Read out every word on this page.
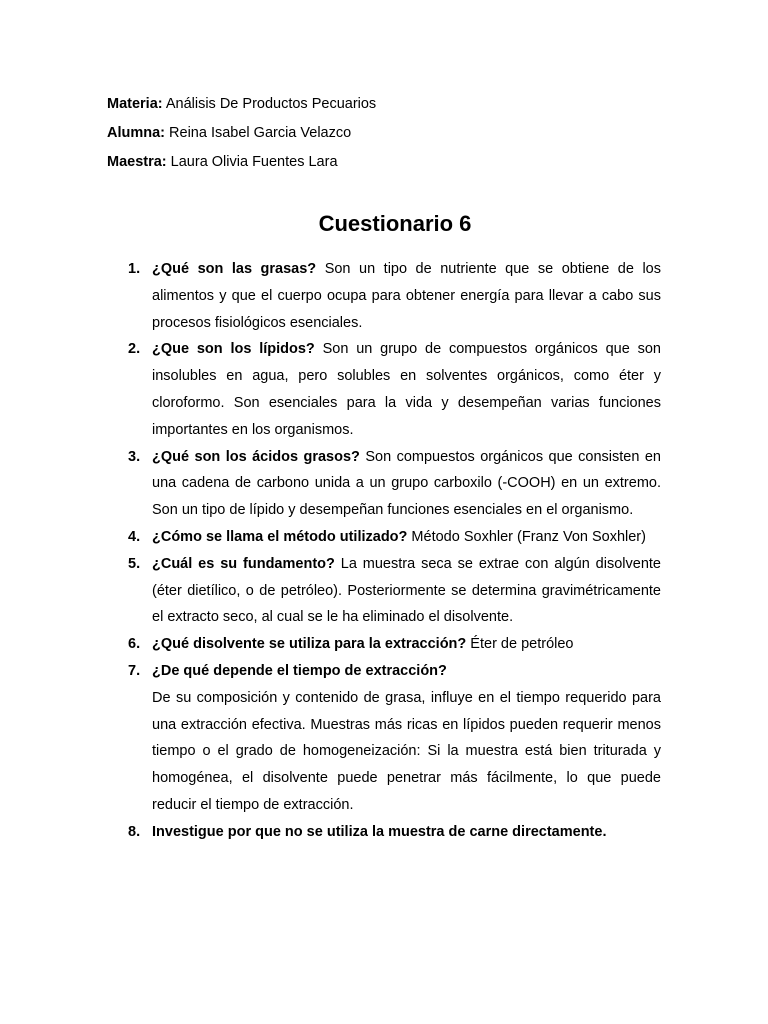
Materia: Análisis De Productos Pecuarios
Alumna: Reina Isabel Garcia Velazco
Maestra: Laura Olivia Fuentes Lara
Cuestionario 6
1. ¿Qué son las grasas? Son un tipo de nutriente que se obtiene de los alimentos y que el cuerpo ocupa para obtener energía para llevar a cabo sus procesos fisiológicos esenciales.
2. ¿Que son los lípidos? Son un grupo de compuestos orgánicos que son insolubles en agua, pero solubles en solventes orgánicos, como éter y cloroformo. Son esenciales para la vida y desempeñan varias funciones importantes en los organismos.
3. ¿Qué son los ácidos grasos? Son compuestos orgánicos que consisten en una cadena de carbono unida a un grupo carboxilo (-COOH) en un extremo. Son un tipo de lípido y desempeñan funciones esenciales en el organismo.
4. ¿Cómo se llama el método utilizado? Método Soxhler (Franz Von Soxhler)
5. ¿Cuál es su fundamento? La muestra seca se extrae con algún disolvente (éter dietílico, o de petróleo). Posteriormente se determina gravimétricamente el extracto seco, al cual se le ha eliminado el disolvente.
6. ¿Qué disolvente se utiliza para la extracción? Éter de petróleo
7. ¿De qué depende el tiempo de extracción?
De su composición y contenido de grasa, influye en el tiempo requerido para una extracción efectiva. Muestras más ricas en lípidos pueden requerir menos tiempo o el grado de homogeneización: Si la muestra está bien triturada y homogénea, el disolvente puede penetrar más fácilmente, lo que puede reducir el tiempo de extracción.
8. Investigue por que no se utiliza la muestra de carne directamente.
